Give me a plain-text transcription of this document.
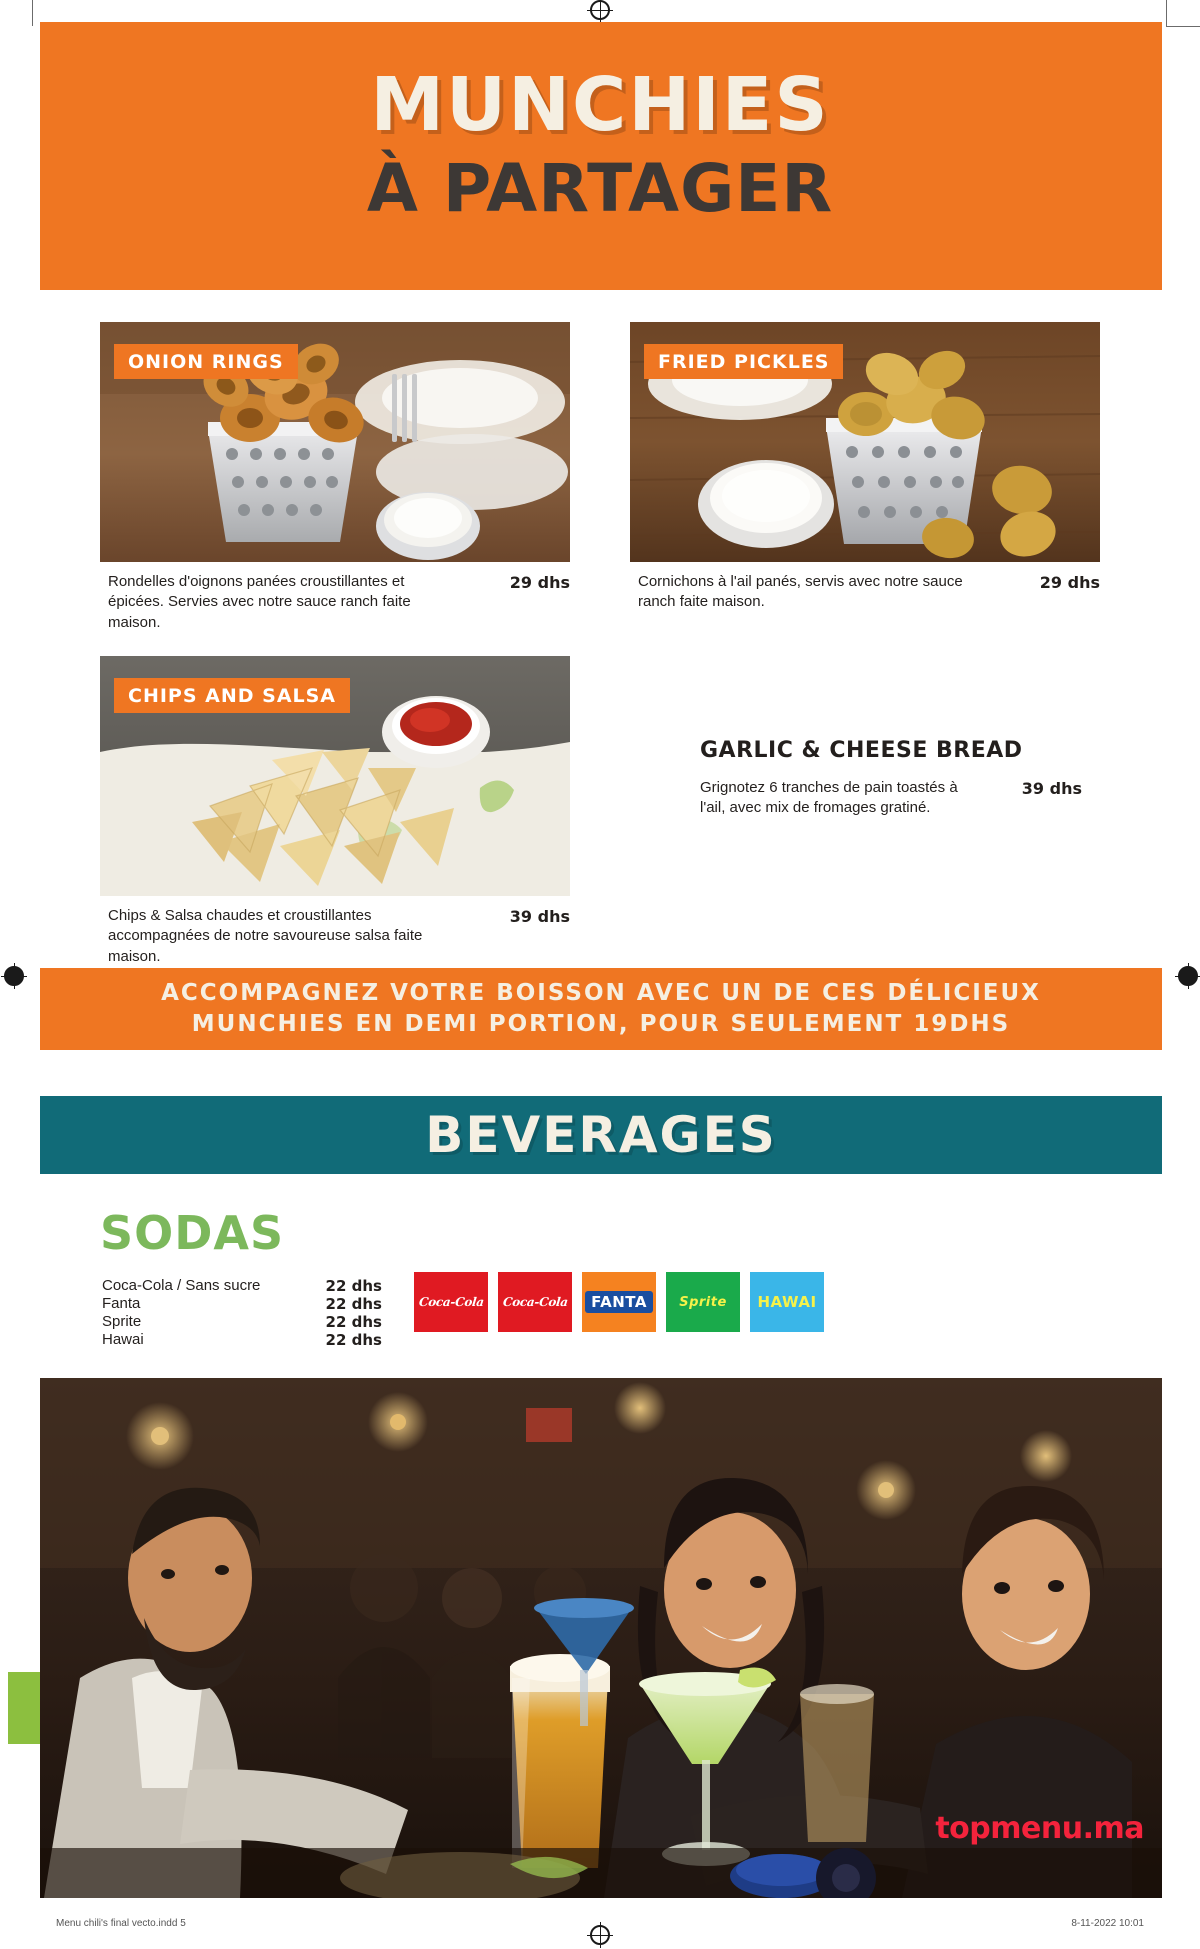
MUNCHIES
À PARTAGER
ONION RINGS
Rondelles d'oignons panées croustillantes et épicées. Servies avec notre sauce ranch faite maison.
29 dhs
FRIED PICKLES
Cornichons à l'ail panés, servis avec notre sauce ranch faite maison.
29 dhs
CHIPS AND SALSA
Chips & Salsa chaudes et croustillantes accompagnées de notre savoureuse salsa faite maison.
39 dhs
GARLIC & CHEESE BREAD
Grignotez 6 tranches de pain toastés à l'ail, avec mix de fromages gratiné.
39 dhs
ACCOMPAGNEZ VOTRE BOISSON AVEC UN DE CES DÉLICIEUX
MUNCHIES EN DEMI PORTION, POUR SEULEMENT 19DHS
BEVERAGES
SODAS
Coca-Cola / Sans sucre	22 dhs
Fanta	22 dhs
Sprite	22 dhs
Hawai	22 dhs
Coca-Cola Coca-Cola	FANTA	Sprite HAWAI
topmenu.ma
Menu chili's final vecto.indd 5	8-11-2022 10:01
